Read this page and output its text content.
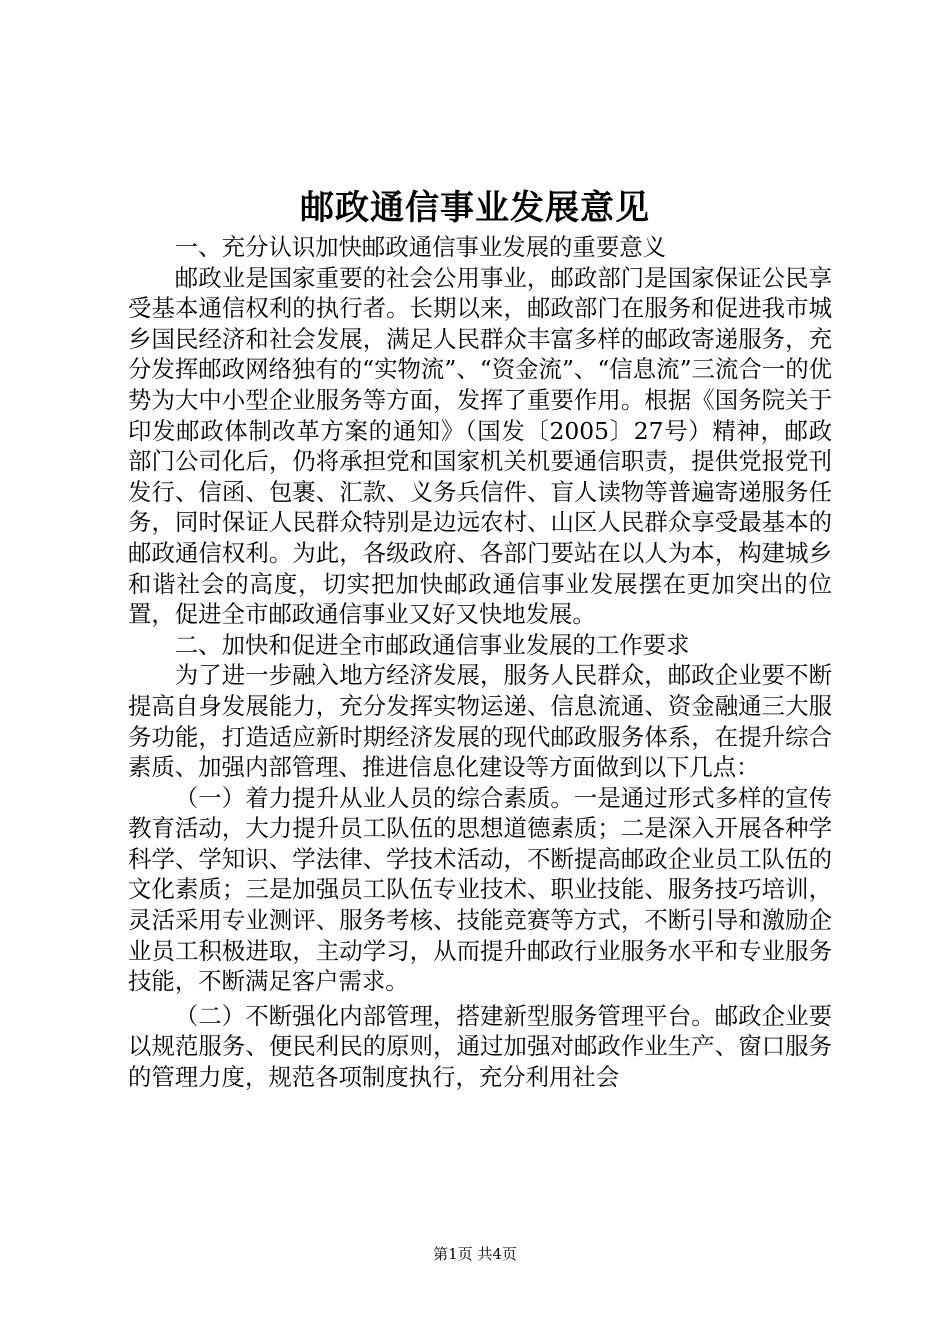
邮政通信事业发展意见

一、充分认识加快邮政通信事业发展的重要意义

邮政业是国家重要的社会公用事业，邮政部门是国家保证公民享受基本通信权利的执行者。长期以来，邮政部门在服务和促进我市城乡国民经济和社会发展，满足人民群众丰富多样的邮政寄递服务，充分发挥邮政网络独有的“实物流”、“资金流”、“信息流”三流合一的优势为大中小型企业服务等方面，发挥了重要作用。根据《国务院关于印发邮政体制改革方案的通知》（国发〔2005〕27号）精神，邮政部门公司化后，仍将承担党和国家机关机要通信职责，提供党报党刊发行、信函、包裹、汇款、义务兵信件、盲人读物等普遍寄递服务任务，同时保证人民群众特别是边远农村、山区人民群众享受最基本的邮政通信权利。为此，各级政府、各部门要站在以人为本，构建城乡和谐社会的高度，切实把加快邮政通信事业发展摆在更加突出的位置，促进全市邮政通信事业又好又快地发展。

二、加快和促进全市邮政通信事业发展的工作要求

为了进一步融入地方经济发展，服务人民群众，邮政企业要不断提高自身发展能力，充分发挥实物运递、信息流通、资金融通三大服务功能，打造适应新时期经济发展的现代邮政服务体系，在提升综合素质、加强内部管理、推进信息化建设等方面做到以下几点：

（一）着力提升从业人员的综合素质。一是通过形式多样的宣传教育活动，大力提升员工队伍的思想道德素质；二是深入开展各种学科学、学知识、学法律、学技术活动，不断提高邮政企业员工队伍的文化素质；三是加强员工队伍专业技术、职业技能、服务技巧培训，灵活采用专业测评、服务考核、技能竞赛等方式，不断引导和激励企业员工积极进取，主动学习，从而提升邮政行业服务水平和专业服务技能，不断满足客户需求。

（二）不断强化内部管理，搭建新型服务管理平台。邮政企业要以规范服务、便民利民的原则，通过加强对邮政作业生产、窗口服务的管理力度，规范各项制度执行，充分利用社会

第1页 共4页
